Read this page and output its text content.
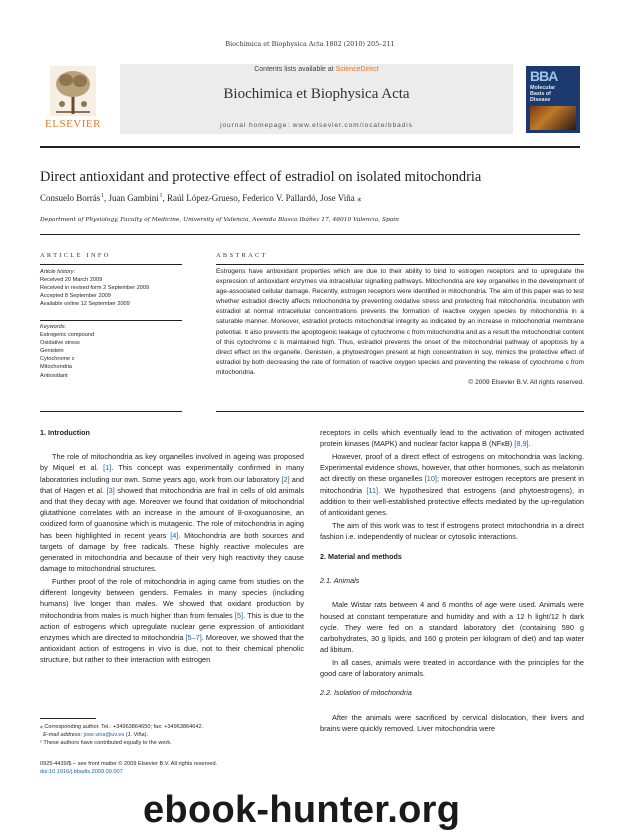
Biochimica et Biophysica Acta 1802 (2010) 205–211
ELSEVIER
Contents lists available at ScienceDirect
Biochimica et Biophysica Acta
journal homepage: www.elsevier.com/locate/bbadis
BBA
Molecular
Basis of
Disease
Direct antioxidant and protective effect of estradiol on isolated mitochondria
Consuelo Borrás $^1$, Juan Gambini $^1$, Raúl López-Grueso, Federico V. Pallardó, Jose Viña ⁎
Department of Physiology, Faculty of Medicine, University of Valencia, Avenida Blasco Ibáñez 17, 46010 Valencia, Spain
ARTICLE INFO
Article history:
Received 20 March 2009
Received in revised form 2 September 2009
Accepted 8 September 2009
Available online 12 September 2009
Keywords:
Estrogenic compound
Oxidative stress
Genistein
Cytochrome c
Mitochondria
Antioxidant
ABSTRACT

Estrogens have antioxidant properties which are due to their ability to bind to estrogen receptors and to upregulate the expression of antioxidant enzymes via intracellular signalling pathways. Mitochondria are key organelles in the development of age-associated cellular damage. Recently, estrogen receptors were identified in mitochondria. The aim of this paper was to test whether estradiol directly affects mitochondria by preventing oxidative stress and protecting frail mitochondria. Incubation with estradiol at normal intracellular concentrations prevents the formation of reactive oxygen species by mitochondria in a saturable manner. Moreover, estradiol protects mitochondrial integrity as indicated by an increase in mitochondrial membrane potential. It also prevents the apoptogenic leakage of cytochrome c from mitochondria and as a result the mitochondrial content of this cytochrome c is maintained high. Thus, estradiol prevents the onset of the mitochondrial pathway of apoptosis by a direct effect on the organelle. Genistein, a phytoestrogen present at high concentration in soy, mimics the protective effect of estradiol by both decreasing the rate of formation of reactive oxygen species and preventing the release of cytochrome c from mitochondria.

© 2009 Elsevier B.V. All rights reserved.
1. Introduction

The role of mitochondria as key organelles involved in ageing was proposed by Miquel et al. [1]. This concept was experimentally confirmed in many laboratories including our own. Some years ago, work from our laboratory [2] and that of Hagen et al. [3] showed that mitochondria are frail in cells of old animals and that they decay with age. Moreover we found that oxidation of mitochondrial glutathione correlates with an increase in the amount of 8-oxoguanosine, an oxidized form of guanosine which is mutagenic. The role of mitochondria in aging has been highlighted in recent years [4]. Mitochondria are both sources and targets of damage by free radicals. These highly reactive molecules are generated in mitochondria and because of their very high reactivity they cause damage to mitochondrial structures.

Further proof of the role of mitochondria in aging came from studies on the different longevity between genders. Females in many species (including humans) live longer than males. We showed that oxidant production by mitochondria from males is much higher than from females [5]. This is due to the action of estrogens which upregulate nuclear gene expression of antioxidant enzymes which are directed to mitochondria [5–7]. Moreover, we showed that the antioxidant action of estrogens in vivo is due, not to their chemical phenolic structure, but rather to their interaction with estrogen

receptors in cells which eventually lead to the activation of mitogen activated protein kinases (MAPK) and nuclear factor kappa B (NFκB) [8,9].

However, proof of a direct effect of estrogens on mitochondria was lacking. Experimental evidence shows, however, that other hormones, such as melatonin act directly on these organelles [10]; moreover estrogen receptors are present in mitochondria [11]. We hypothesized that estrogens (and phytoestrogens), in addition to their well-established protective effects mediated by the up-regulation of antioxidant genes.

The aim of this work was to test if estrogens protect mitochondria in a direct fashion i.e. independently of nuclear or cytosolic interactions.

2. Material and methods
2.1. Animals

Male Wistar rats between 4 and 6 months of age were used. Animals were housed at constant temperature and humidity and with a 12 h light/12 h dark cycle. They were fed on a standard laboratory diet (containing 590 g carbohydrates, 30 g lipids, and 160 g protein per kilogram of diet) and tap water ad libitum.

In all cases, animals were treated in accordance with the principles for the good care of laboratory animals.

2.2. Isolation of mitochondria

After the animals were sacrificed by cervical dislocation, their livers and brains were quickly removed. Liver mitochondria were

⁎ Corresponding author. Tel.: +34963864650; fax: +34963864642.
E-mail address: jose.vina@uv.es (J. Viña).
¹ These authors have contributed equally to the work.
0925-4439/$ – see front matter © 2009 Elsevier B.V. All rights reserved.
doi:10.1016/j.bbadis.2009.09.007
ebook-hunter.org
